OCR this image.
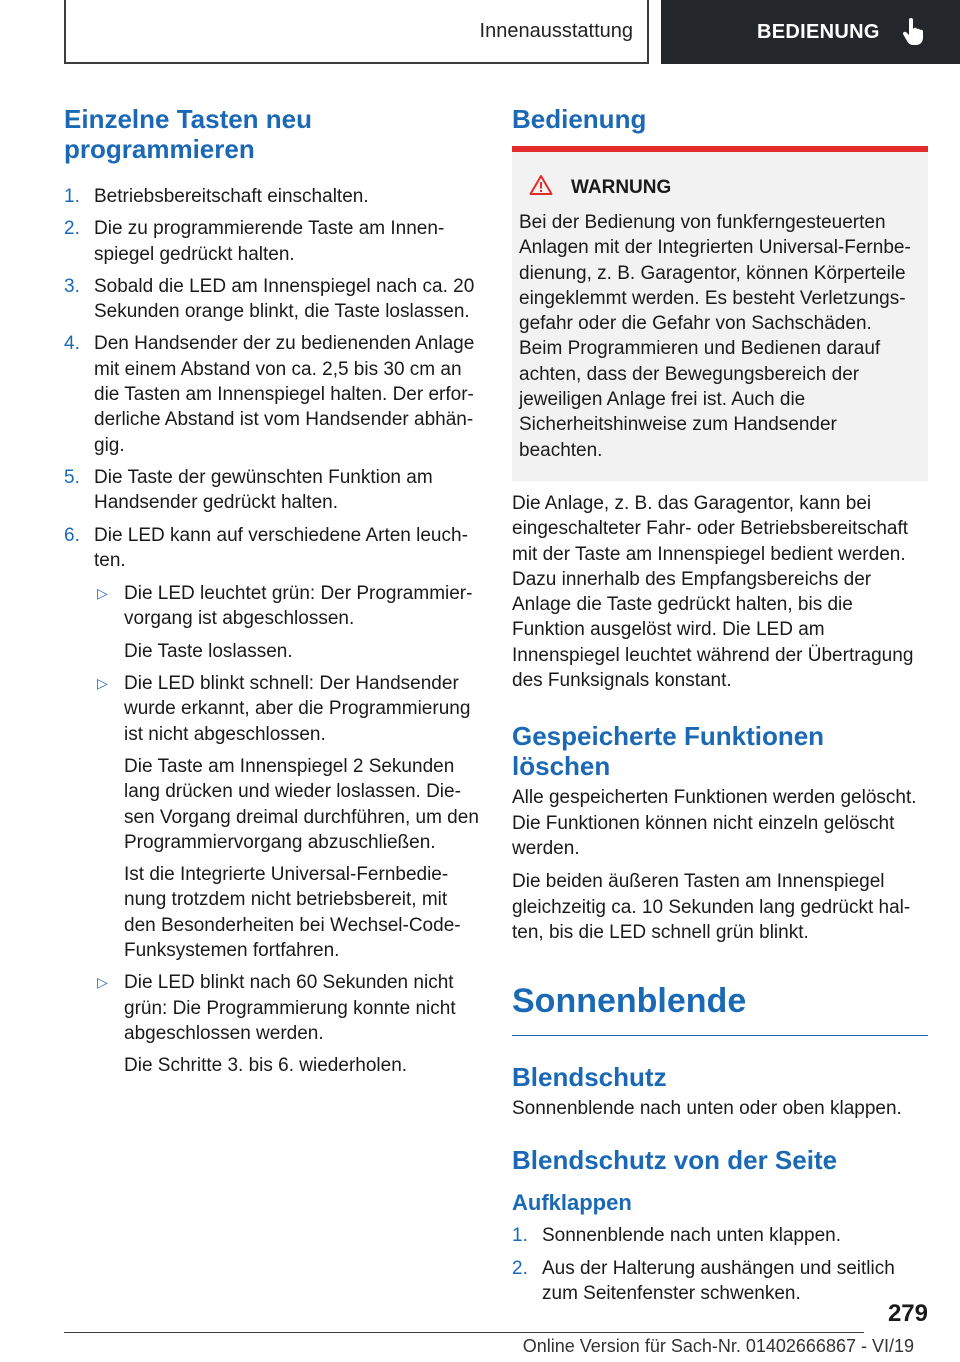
Innenausstattung	BEDIENUNG
Einzelne Tasten neu programmieren
1. Betriebsbereitschaft einschalten.
2. Die zu programmierende Taste am Innenspiegel gedrückt halten.
3. Sobald die LED am Innenspiegel nach ca. 20 Sekunden orange blinkt, die Taste loslassen.
4. Den Handsender der zu bedienenden Anlage mit einem Abstand von ca. 2,5 bis 30 cm an die Tasten am Innenspiegel halten. Der erforderliche Abstand ist vom Handsender abhängig.
5. Die Taste der gewünschten Funktion am Handsender gedrückt halten.
6. Die LED kann auf verschiedene Arten leuchten.
▷ Die LED leuchtet grün: Der Programmiervorgang ist abgeschlossen.
Die Taste loslassen.
▷ Die LED blinkt schnell: Der Handsender wurde erkannt, aber die Programmierung ist nicht abgeschlossen.
Die Taste am Innenspiegel 2 Sekunden lang drücken und wieder loslassen. Diesen Vorgang dreimal durchführen, um den Programmiervorgang abzuschließen.
Ist die Integrierte Universal-Fernbedienung trotzdem nicht betriebsbereit, mit den Besonderheiten bei Wechsel-Code-Funksystemen fortfahren.
▷ Die LED blinkt nach 60 Sekunden nicht grün: Die Programmierung konnte nicht abgeschlossen werden.
Die Schritte 3. bis 6. wiederholen.
Bedienung
WARNUNG

Bei der Bedienung von funkferngesteuerten Anlagen mit der Integrierten Universal-Fernbedienung, z. B. Garagentor, können Körperteile eingeklemmt werden. Es besteht Verletzungsgefahr oder die Gefahr von Sachschäden. Beim Programmieren und Bedienen darauf achten, dass der Bewegungsbereich der jeweiligen Anlage frei ist. Auch die Sicherheitshinweise zum Handsender beachten.

Die Anlage, z. B. das Garagentor, kann bei eingeschalteter Fahr- oder Betriebsbereitschaft mit der Taste am Innenspiegel bedient werden. Dazu innerhalb des Empfangsbereichs der Anlage die Taste gedrückt halten, bis die Funktion ausgelöst wird. Die LED am Innenspiegel leuchtet während der Übertragung des Funksignals konstant.

Gespeicherte Funktionen löschen

Alle gespeicherten Funktionen werden gelöscht. Die Funktionen können nicht einzeln gelöscht werden.

Die beiden äußeren Tasten am Innenspiegel gleichzeitig ca. 10 Sekunden lang gedrückt halten, bis die LED schnell grün blinkt.

Sonnenblende
Blendschutz

Sonnenblende nach unten oder oben klappen.

Blendschutz von der Seite
Aufklappen
1. Sonnenblende nach unten klappen.
2. Aus der Halterung aushängen und seitlich zum Seitenfenster schwenken.
279
Online Version für Sach-Nr. 01402666867 - VI/19
